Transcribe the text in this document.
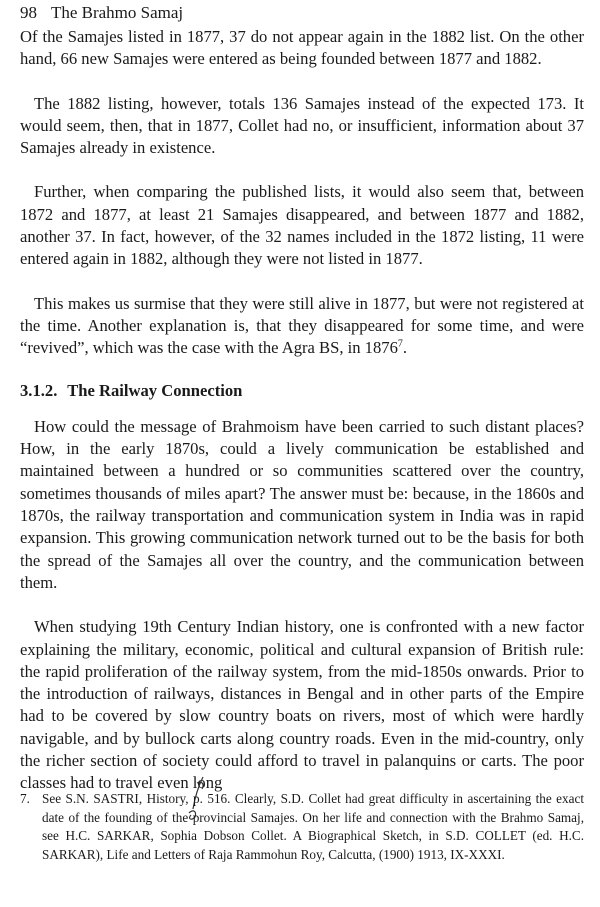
98 The Brahmo Samaj

Of the Samajes listed in 1877, 37 do not appear again in the 1882 list. On the other hand, 66 new Samajes were entered as being founded between 1877 and 1882.

The 1882 listing, however, totals 136 Samajes instead of the expected 173. It would seem, then, that in 1877, Collet had no, or insufficient, information about 37 Samajes already in existence.

Further, when comparing the published lists, it would also seem that, between 1872 and 1877, at least 21 Samajes disappeared, and between 1877 and 1882, another 37. In fact, however, of the 32 names included in the 1872 listing, 11 were entered again in 1882, although they were not listed in 1877.

This makes us surmise that they were still alive in 1877, but were not registered at the time. Another explanation is, that they disappeared for some time, and were “revived”, which was the case with the Agra BS, in 1876$^7$.

3.1.2. The Railway Connection

How could the message of Brahmoism have been carried to such distant places? How, in the early 1870s, could a lively communication be established and maintained between a hundred or so communities scattered over the country, sometimes thousands of miles apart? The answer must be: because, in the 1860s and 1870s, the railway transportation and communication system in India was in rapid expansion. This growing communication network turned out to be the basis for both the spread of the Samajes all over the country, and the communication between them.

When studying 19th Century Indian history, one is confronted with a new factor explaining the military, economic, political and cultural expansion of British rule: the rapid proliferation of the railway system, from the mid-1850s onwards. Prior to the introduction of railways, distances in Bengal and in other parts of the Empire had to be covered by slow country boats on rivers, most of which were hardly navigable, and by bullock carts along country roads. Even in the mid-country, only the richer section of society could afford to travel in palanquins or carts. The poor classes had to travel even long

7. See S.N. SASTRI, History, p. 516. Clearly, S.D. Collet had great difficulty in ascertaining the exact date of the founding of the provincial Samajes. On her life and connection with the Brahmo Samaj, see H.C. SARKAR, Sophia Dobson Collet. A Biographical Sketch, in S.D. COLLET (ed. H.C. SARKAR), Life and Letters of Raja Rammohun Roy, Calcutta, (1900) 1913, IX-XXXI.
